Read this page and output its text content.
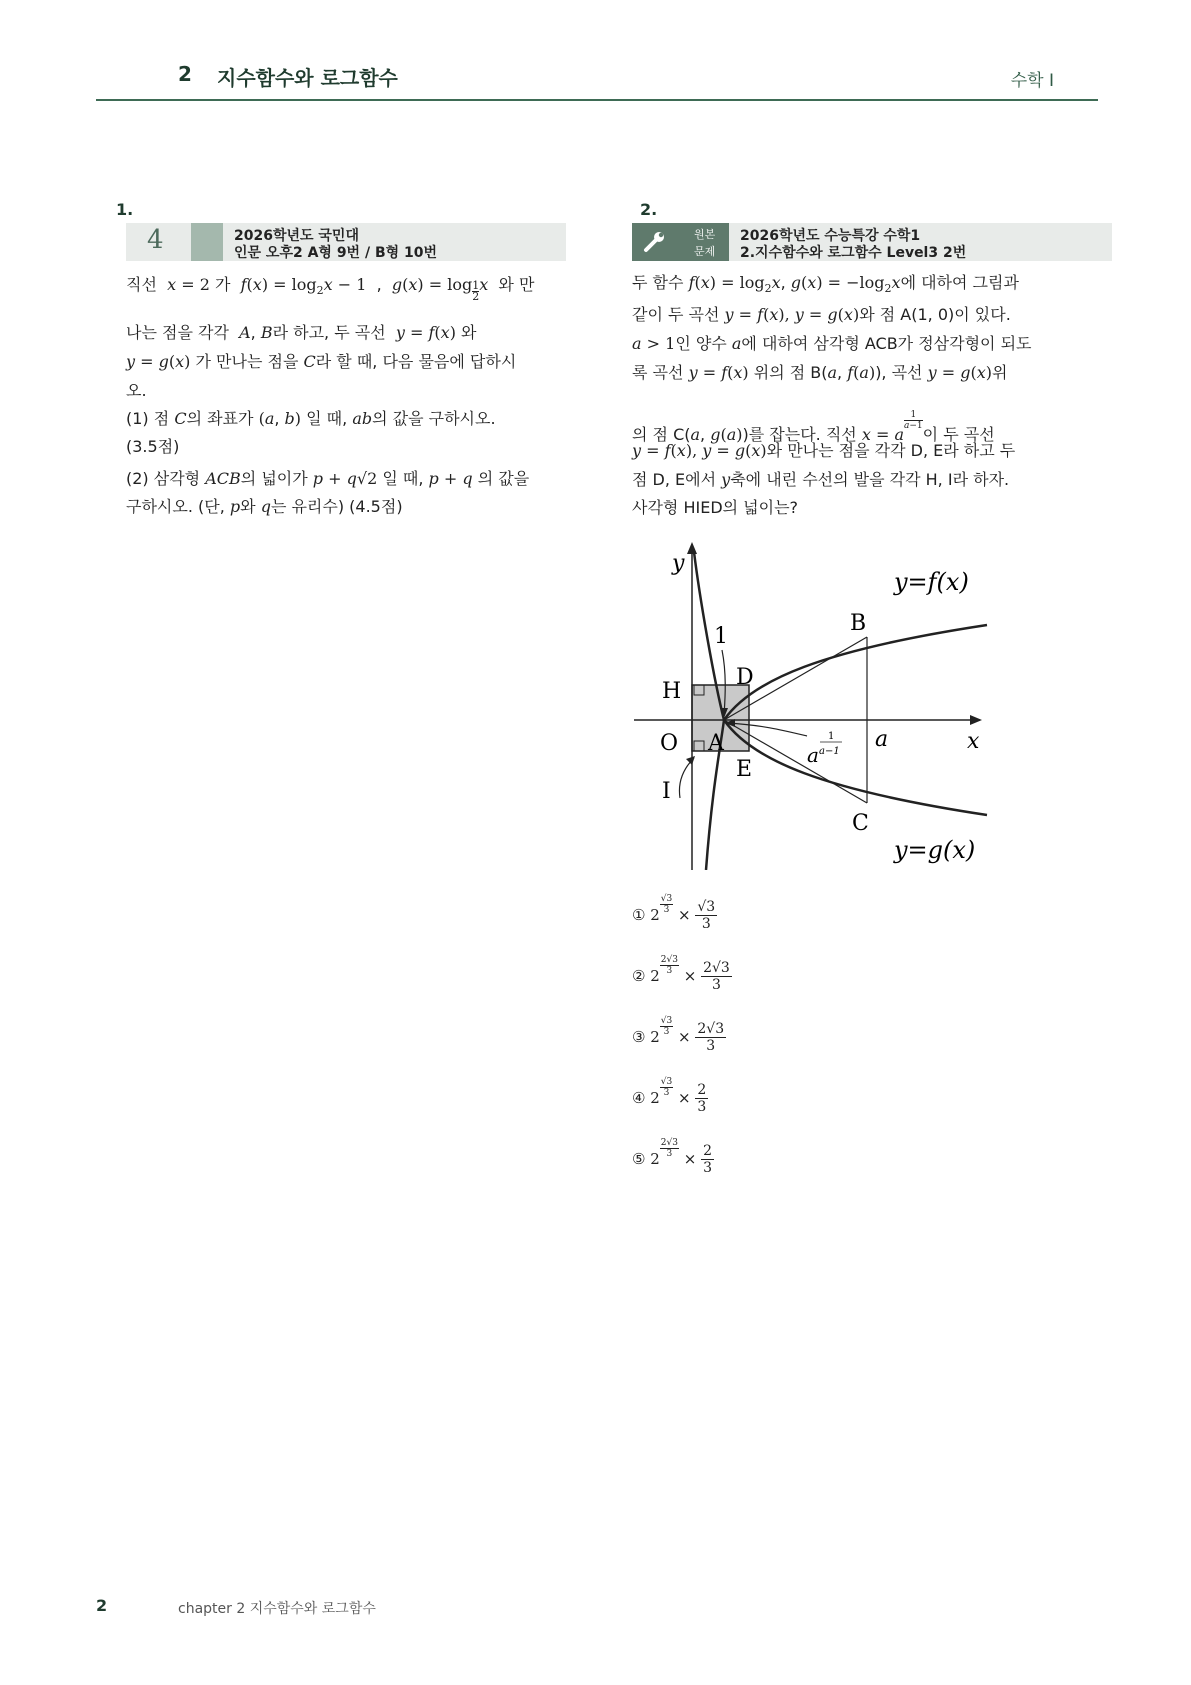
2 지수함수와 로그함수	수학 I
1.
4	2026학년도 국민대
인문 오후2 A형 9번 / B형 10번
직선 x = 2 가 $f(x) = \log_2x - 1$  ,  $g(x) = \log \frac{1}{2}$ x 와 만
나는 점을 각각 A, B라 하고, 두 곡선 y = f(x) 와
y = g(x) 가 만나는 점을 C라 할 때, 다음 물음에 답하시
오.
(1) 점 C의 좌표가 (a, b) 일 때, ab의 값을 구하시오.
(3.5점)
(2) 삼각형 ACB의 넓이가 p + q√2 일 때, p + q 의 값을
구하시오. (단, p와 q는 유리수) (4.5점)
2.
원본
문제
2026학년도 수능특강 수학1
2.지수함수와 로그함수 Level3 2번
두 함수 $f(x) = \log_2x$, $g(x) = -\log_2x$에 대하여 그림과
같이 두 곡선 y = f(x), y = g(x)와 점 A(1, 0)이 있다.
a > 1인 양수 a에 대하여 삼각형 ACB가 정삼각형이 되도
록 곡선 y = f(x) 위의 점 B(a, f(a)), 곡선 y = g(x)위
의 점 C(a, g(a))를 잡는다. 직선 x = a
$\frac{1}{a-1}$
이 두 곡선
y = f(x), y = g(x)와 만나는 점을 각각 D, E라 하고 두
점 D, E에서 y축에 내린 수선의 발을 각각 H, I라 하자.
사각형 HIED의 넓이는?
y
x
1
B
C
D
E
H
I
O A	a
a
1
a−1
y=f(x)
y=g(x)
① $2 \frac{√3}{3} \times \frac{√3}{3}$
② $2 \frac{2√3}{3} \times \frac{2√3}{3}$
③ $2 \frac{√3}{3} \times \frac{2√3}{3}$
④ $2 \frac{√3}{3} \times \frac{2}{3}$
⑤ $2 \frac{2√3}{3} \times \frac{2}{3}$
2	chapter 2 지수함수와 로그함수
